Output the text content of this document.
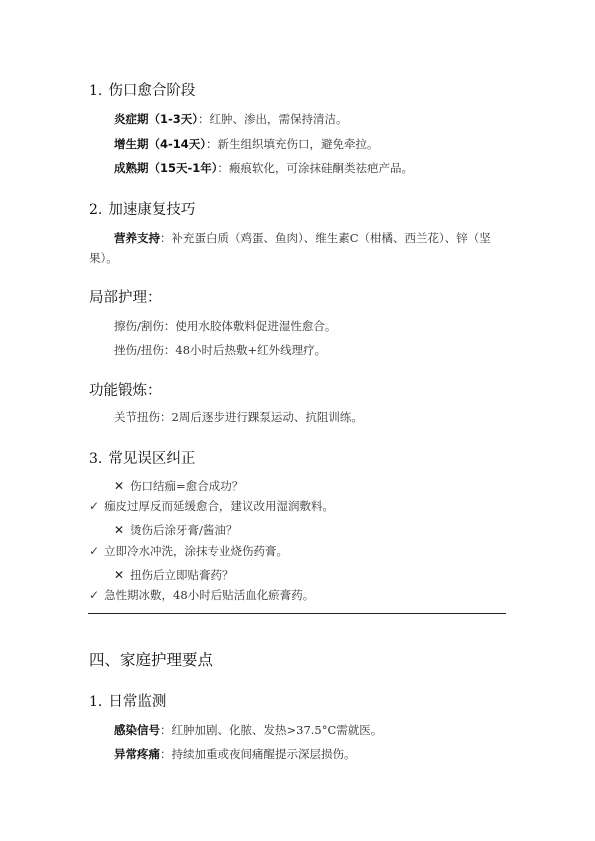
1. 伤口愈合阶段
炎症期（1-3天）：红肿、渗出，需保持清洁。
增生期（4-14天）：新生组织填充伤口，避免牵拉。
成熟期（15天-1年）：瘢痕软化，可涂抹硅酮类祛疤产品。
2. 加速康复技巧
营养支持：补充蛋白质（鸡蛋、鱼肉）、维生素C（柑橘、西兰花）、锌（坚果）。
局部护理：
擦伤/割伤：使用水胶体敷料促进湿性愈合。
挫伤/扭伤：48小时后热敷+红外线理疗。
功能锻炼：
关节扭伤：2周后逐步进行踝泵运动、抗阻训练。
3. 常见误区纠正
✕ 伤口结痂=愈合成功？
✓ 痂皮过厚反而延缓愈合，建议改用湿润敷料。
✕ 烫伤后涂牙膏/酱油？
✓ 立即冷水冲洗，涂抹专业烧伤药膏。
✕ 扭伤后立即贴膏药？
✓ 急性期冰敷，48小时后贴活血化瘀膏药。
四、家庭护理要点
1. 日常监测
感染信号：红肿加剧、化脓、发热>37.5°C需就医。
异常疼痛：持续加重或夜间痛醒提示深层损伤。
